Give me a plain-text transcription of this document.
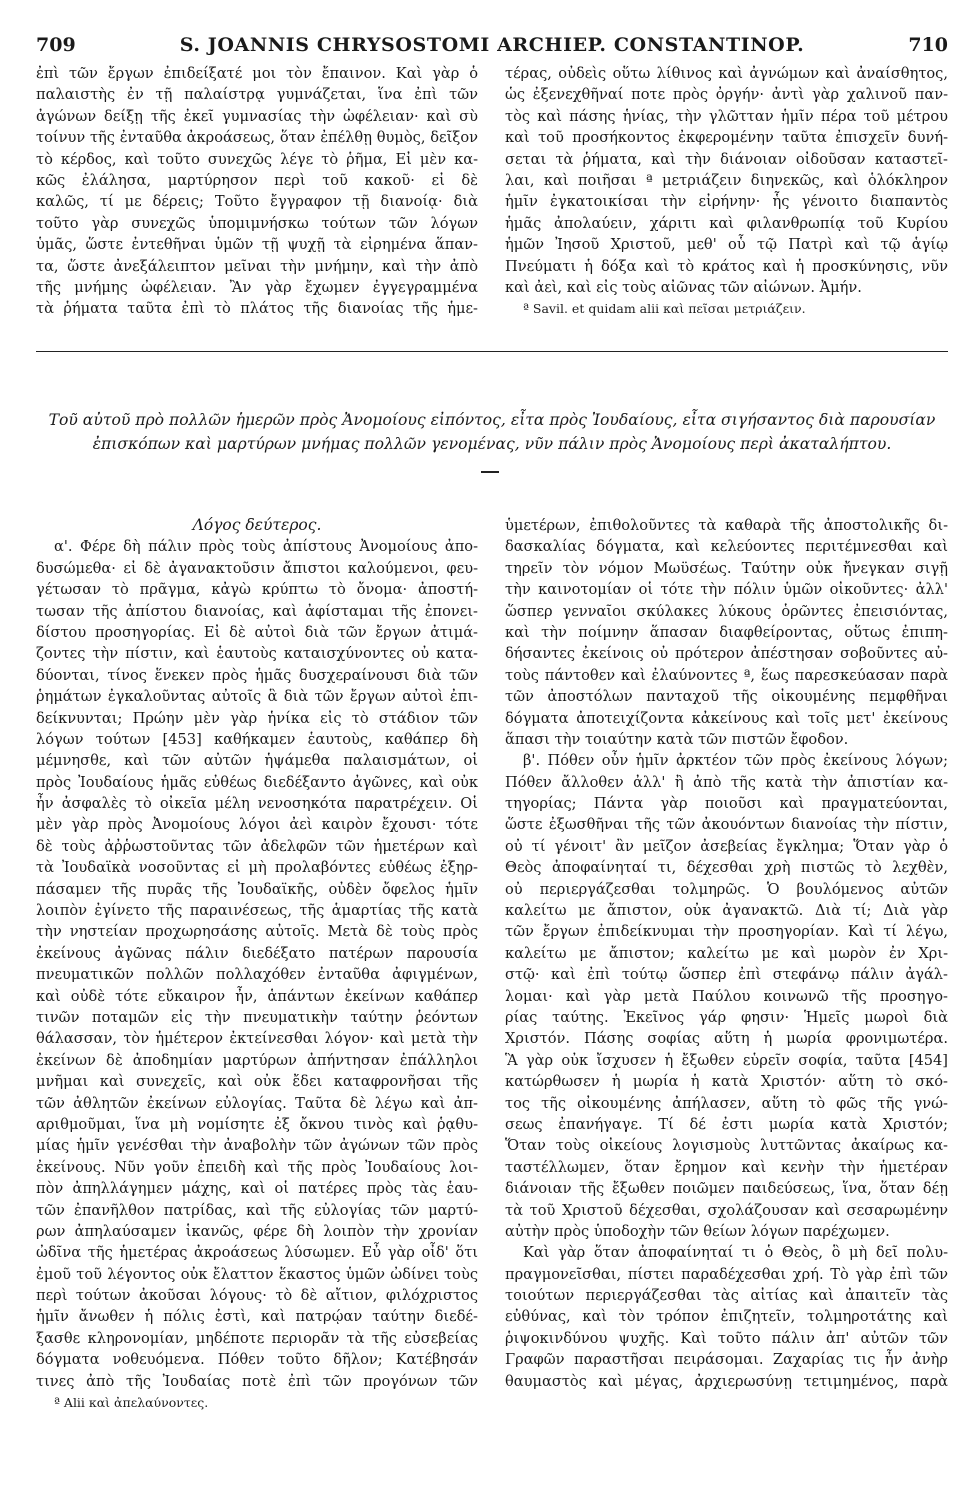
709	S. JOANNIS CHRYSOSTOMI ARCHIEP. CONSTANTINOP.	710
ἐπὶ τῶν ἔργων ἐπιδείξατέ μοι τὸν ἔπαινον. Καὶ γὰρ ὁ
παλαιστὴς ἐν τῇ παλαίστρᾳ γυμνάζεται, ἵνα ἐπὶ τῶν
ἀγώνων δείξῃ τῆς ἐκεῖ γυμνασίας τὴν ὠφέλειαν· καὶ σὺ
τοίνυν τῆς ἐνταῦθα ἀκροάσεως, ὅταν ἐπέλθῃ θυμὸς, δεῖξον
τὸ κέρδος, καὶ τοῦτο συνεχῶς λέγε τὸ ῥῆμα, Εἰ μὲν κα-
κῶς ἐλάλησα, μαρτύρησον περὶ τοῦ κακοῦ· εἰ δὲ
καλῶς, τί με δέρεις; Τοῦτο ἔγγραφον τῇ διανοίᾳ· διὰ
τοῦτο γὰρ συνεχῶς ὑπομιμνήσκω τούτων τῶν λόγων
ὑμᾶς, ὥστε ἐντεθῆναι ὑμῶν τῇ ψυχῇ τὰ εἰρημένα ἅπαν-
τα, ὥστε ἀνεξάλειπτον μεῖναι τὴν μνήμην, καὶ τὴν ἀπὸ
τῆς μνήμης ὠφέλειαν. Ἂν γὰρ ἔχωμεν ἐγγεγραμμένα
τὰ ῥήματα ταῦτα ἐπὶ τὸ πλάτος τῆς διανοίας τῆς ἡμε-
τέρας, οὐδεὶς οὕτω λίθινος καὶ ἀγνώμων καὶ ἀναίσθητος,
ὡς ἐξενεχθῆναί ποτε πρὸς ὀργήν· ἀντὶ γὰρ χαλινοῦ παν-
τὸς καὶ πάσης ἡνίας, τὴν γλῶτταν ἡμῖν πέρα τοῦ μέτρου
καὶ τοῦ προσήκοντος ἐκφερομένην ταῦτα ἐπισχεῖν δυνή-
σεται τὰ ῥήματα, καὶ τὴν διάνοιαν οἰδοῦσαν καταστεῖ-
λαι, καὶ ποιῆσαι ª μετριάζειν διηνεκῶς, καὶ ὁλόκληρον
ἡμῖν ἐγκατοικίσαι τὴν εἰρήνην· ἧς γένοιτο διαπαντὸς
ἡμᾶς ἀπολαύειν, χάριτι καὶ φιλανθρωπίᾳ τοῦ Κυρίου
ἡμῶν Ἰησοῦ Χριστοῦ, μεθ' οὗ τῷ Πατρὶ καὶ τῷ ἁγίῳ
Πνεύματι ἡ δόξα καὶ τὸ κράτος καὶ ἡ προσκύνησις, νῦν
καὶ ἀεὶ, καὶ εἰς τοὺς αἰῶνας τῶν αἰώνων. Ἀμήν.
ª Savil. et quidam alii καὶ πεῖσαι μετριάζειν.
Τοῦ αὐτοῦ πρὸ πολλῶν ἡμερῶν πρὸς Ἀνομοίους εἰπόντος, εἶτα πρὸς Ἰουδαίους, εἶτα σιγήσαντος διὰ παρουσίαν
ἐπισκόπων καὶ μαρτύρων μνήμας πολλῶν γενομένας, νῦν πάλιν πρὸς Ἀνομοίους περὶ ἀκαταλήπτου.
Λόγος δεύτερος.
α'. Φέρε δὴ πάλιν πρὸς τοὺς ἀπίστους Ἀνομοίους ἀπο-
δυσώμεθα· εἰ δὲ ἀγανακτοῦσιν ἄπιστοι καλούμενοι, φευ-
γέτωσαν τὸ πρᾶγμα, κἀγὼ κρύπτω τὸ ὄνομα· ἀποστή-
τωσαν τῆς ἀπίστου διανοίας, καὶ ἀφίσταμαι τῆς ἐπονει-
δίστου προσηγορίας. Εἰ δὲ αὐτοὶ διὰ τῶν ἔργων ἀτιμά-
ζοντες τὴν πίστιν, καὶ ἑαυτοὺς καταισχύνοντες οὐ κατα-
δύονται, τίνος ἕνεκεν πρὸς ἡμᾶς δυσχεραίνουσι διὰ τῶν
ῥημάτων ἐγκαλοῦντας αὐτοῖς ἃ διὰ τῶν ἔργων αὐτοὶ ἐπι-
δείκνυνται; Πρώην μὲν γὰρ ἡνίκα εἰς τὸ στάδιον τῶν
λόγων τούτων [453] καθήκαμεν ἑαυτοὺς, καθάπερ δὴ
μέμνησθε, καὶ τῶν αὐτῶν ἡψάμεθα παλαισμάτων, οἱ
πρὸς Ἰουδαίους ἡμᾶς εὐθέως διεδέξαντο ἀγῶνες, καὶ οὐκ
ἦν ἀσφαλὲς τὸ οἰκεῖα μέλη νενοσηκότα παρατρέχειν. Οἱ
μὲν γὰρ πρὸς Ἀνομοίους λόγοι ἀεὶ καιρὸν ἔχουσι· τότε
δὲ τοὺς ἀῤῥωστοῦντας τῶν ἀδελφῶν τῶν ἡμετέρων καὶ
τὰ Ἰουδαϊκὰ νοσοῦντας εἰ μὴ προλαβόντες εὐθέως ἐξηρ-
πάσαμεν τῆς πυρᾶς τῆς Ἰουδαϊκῆς, οὐδὲν ὄφελος ἡμῖν
λοιπὸν ἐγίνετο τῆς παραινέσεως, τῆς ἁμαρτίας τῆς κατὰ
τὴν νηστείαν προχωρησάσης αὐτοῖς. Μετὰ δὲ τοὺς πρὸς
ἐκείνους ἀγῶνας πάλιν διεδέξατο πατέρων παρουσία
πνευματικῶν πολλῶν πολλαχόθεν ἐνταῦθα ἀφιγμένων,
καὶ οὐδὲ τότε εὔκαιρον ἦν, ἁπάντων ἐκείνων καθάπερ
τινῶν ποταμῶν εἰς τὴν πνευματικὴν ταύτην ῥεόντων
θάλασσαν, τὸν ἡμέτερον ἐκτείνεσθαι λόγον· καὶ μετὰ τὴν
ἐκείνων δὲ ἀποδημίαν μαρτύρων ἀπήντησαν ἐπάλληλοι
μνῆμαι καὶ συνεχεῖς, καὶ οὐκ ἔδει καταφρονῆσαι τῆς
τῶν ἀθλητῶν ἐκείνων εὐλογίας. Ταῦτα δὲ λέγω καὶ ἀπ-
αριθμοῦμαι, ἵνα μὴ νομίσητε ἐξ ὄκνου τινὸς καὶ ῥᾳθυ-
μίας ἡμῖν γενέσθαι τὴν ἀναβολὴν τῶν ἀγώνων τῶν πρὸς
ἐκείνους. Νῦν γοῦν ἐπειδὴ καὶ τῆς πρὸς Ἰουδαίους λοι-
πὸν ἀπηλλάγημεν μάχης, καὶ οἱ πατέρες πρὸς τὰς ἑαυ-
τῶν ἐπανῆλθον πατρίδας, καὶ τῆς εὐλογίας τῶν μαρτύ-
ρων ἀπηλαύσαμεν ἱκανῶς, φέρε δὴ λοιπὸν τὴν χρονίαν
ὠδῖνα τῆς ἡμετέρας ἀκροάσεως λύσωμεν. Εὖ γὰρ οἶδ' ὅτι
ἐμοῦ τοῦ λέγοντος οὐκ ἔλαττον ἕκαστος ὑμῶν ὠδίνει τοὺς
περὶ τούτων ἀκοῦσαι λόγους· τὸ δὲ αἴτιον, φιλόχριστος
ἡμῖν ἄνωθεν ἡ πόλις ἐστὶ, καὶ πατρῴαν ταύτην διεδέ-
ξασθε κληρονομίαν, μηδέποτε περιορᾶν τὰ τῆς εὐσεβείας
δόγματα νοθευόμενα. Πόθεν τοῦτο δῆλον; Κατέβησάν
τινες ἀπὸ τῆς Ἰουδαίας ποτὲ ἐπὶ τῶν προγόνων τῶν
ª Alii καὶ ἀπελαύνοντες.
ὑμετέρων, ἐπιθολοῦντες τὰ καθαρὰ τῆς ἀποστολικῆς δι-
δασκαλίας δόγματα, καὶ κελεύοντες περιτέμνεσθαι καὶ
τηρεῖν τὸν νόμον Μωϋσέως. Ταύτην οὐκ ἤνεγκαν σιγῇ
τὴν καινοτομίαν οἱ τότε τὴν πόλιν ὑμῶν οἰκοῦντες· ἀλλ'
ὥσπερ γενναῖοι σκύλακες λύκους ὁρῶντες ἐπεισιόντας,
καὶ τὴν ποίμνην ἅπασαν διαφθείροντας, οὕτως ἐπιπη-
δήσαντες ἐκείνοις οὐ πρότερον ἀπέστησαν σοβοῦντες αὐ-
τοὺς πάντοθεν καὶ ἐλαύνοντες ª, ἕως παρεσκεύασαν παρὰ
τῶν ἀποστόλων πανταχοῦ τῆς οἰκουμένης πεμφθῆναι
δόγματα ἀποτειχίζοντα κἀκείνους καὶ τοῖς μετ' ἐκείνους
ἅπασι τὴν τοιαύτην κατὰ τῶν πιστῶν ἔφοδον.
β'. Πόθεν οὖν ἡμῖν ἀρκτέον τῶν πρὸς ἐκείνους λόγων;
Πόθεν ἄλλοθεν ἀλλ' ἢ ἀπὸ τῆς κατὰ τὴν ἀπιστίαν κα-
τηγορίας; Πάντα γὰρ ποιοῦσι καὶ πραγματεύονται,
ὥστε ἐξωσθῆναι τῆς τῶν ἀκουόντων διανοίας τὴν πίστιν,
οὐ τί γένοιτ' ἂν μεῖζον ἀσεβείας ἔγκλημα; Ὅταν γὰρ ὁ
Θεὸς ἀποφαίνηταί τι, δέχεσθαι χρὴ πιστῶς τὸ λεχθὲν,
οὐ περιεργάζεσθαι τολμηρῶς. Ὁ βουλόμενος αὐτῶν
καλείτω με ἄπιστον, οὐκ ἀγανακτῶ. Διὰ τί; Διὰ γὰρ
τῶν ἔργων ἐπιδείκνυμαι τὴν προσηγορίαν. Καὶ τί λέγω,
καλείτω με ἄπιστον; καλείτω με καὶ μωρὸν ἐν Χρι-
στῷ· καὶ ἐπὶ τούτῳ ὥσπερ ἐπὶ στεφάνῳ πάλιν ἀγάλ-
λομαι· καὶ γὰρ μετὰ Παύλου κοινωνῶ τῆς προσηγο-
ρίας ταύτης. Ἐκεῖνος γάρ φησιν· Ἡμεῖς μωροὶ διὰ
Χριστόν. Πάσης σοφίας αὕτη ἡ μωρία φρονιμωτέρα.
Ἃ γὰρ οὐκ ἴσχυσεν ἡ ἔξωθεν εὑρεῖν σοφία, ταῦτα [454]
κατώρθωσεν ἡ μωρία ἡ κατὰ Χριστόν· αὕτη τὸ σκό-
τος τῆς οἰκουμένης ἀπήλασεν, αὕτη τὸ φῶς τῆς γνώ-
σεως ἐπανήγαγε. Τί δέ ἐστι μωρία κατὰ Χριστόν;
Ὅταν τοὺς οἰκείους λογισμοὺς λυττῶντας ἀκαίρως κα-
ταστέλλωμεν, ὅταν ἔρημον καὶ κενὴν τὴν ἡμετέραν
διάνοιαν τῆς ἔξωθεν ποιῶμεν παιδεύσεως, ἵνα, ὅταν δέῃ
τὰ τοῦ Χριστοῦ δέχεσθαι, σχολάζουσαν καὶ σεσαρωμένην
αὐτὴν πρὸς ὑποδοχὴν τῶν θείων λόγων παρέχωμεν.
Καὶ γὰρ ὅταν ἀποφαίνηταί τι ὁ Θεὸς, ὃ μὴ δεῖ πολυ-
πραγμονεῖσθαι, πίστει παραδέχεσθαι χρή. Τὸ γὰρ ἐπὶ τῶν
τοιούτων περιεργάζεσθαι τὰς αἰτίας καὶ ἀπαιτεῖν τὰς
εὐθύνας, καὶ τὸν τρόπον ἐπιζητεῖν, τολμηροτάτης καὶ
ῥιψοκινδύνου ψυχῆς. Καὶ τοῦτο πάλιν ἀπ' αὐτῶν τῶν
Γραφῶν παραστῆσαι πειράσομαι. Ζαχαρίας τις ἦν ἀνὴρ
θαυμαστὸς καὶ μέγας, ἀρχιερωσύνῃ τετιμημένος, παρὰ
